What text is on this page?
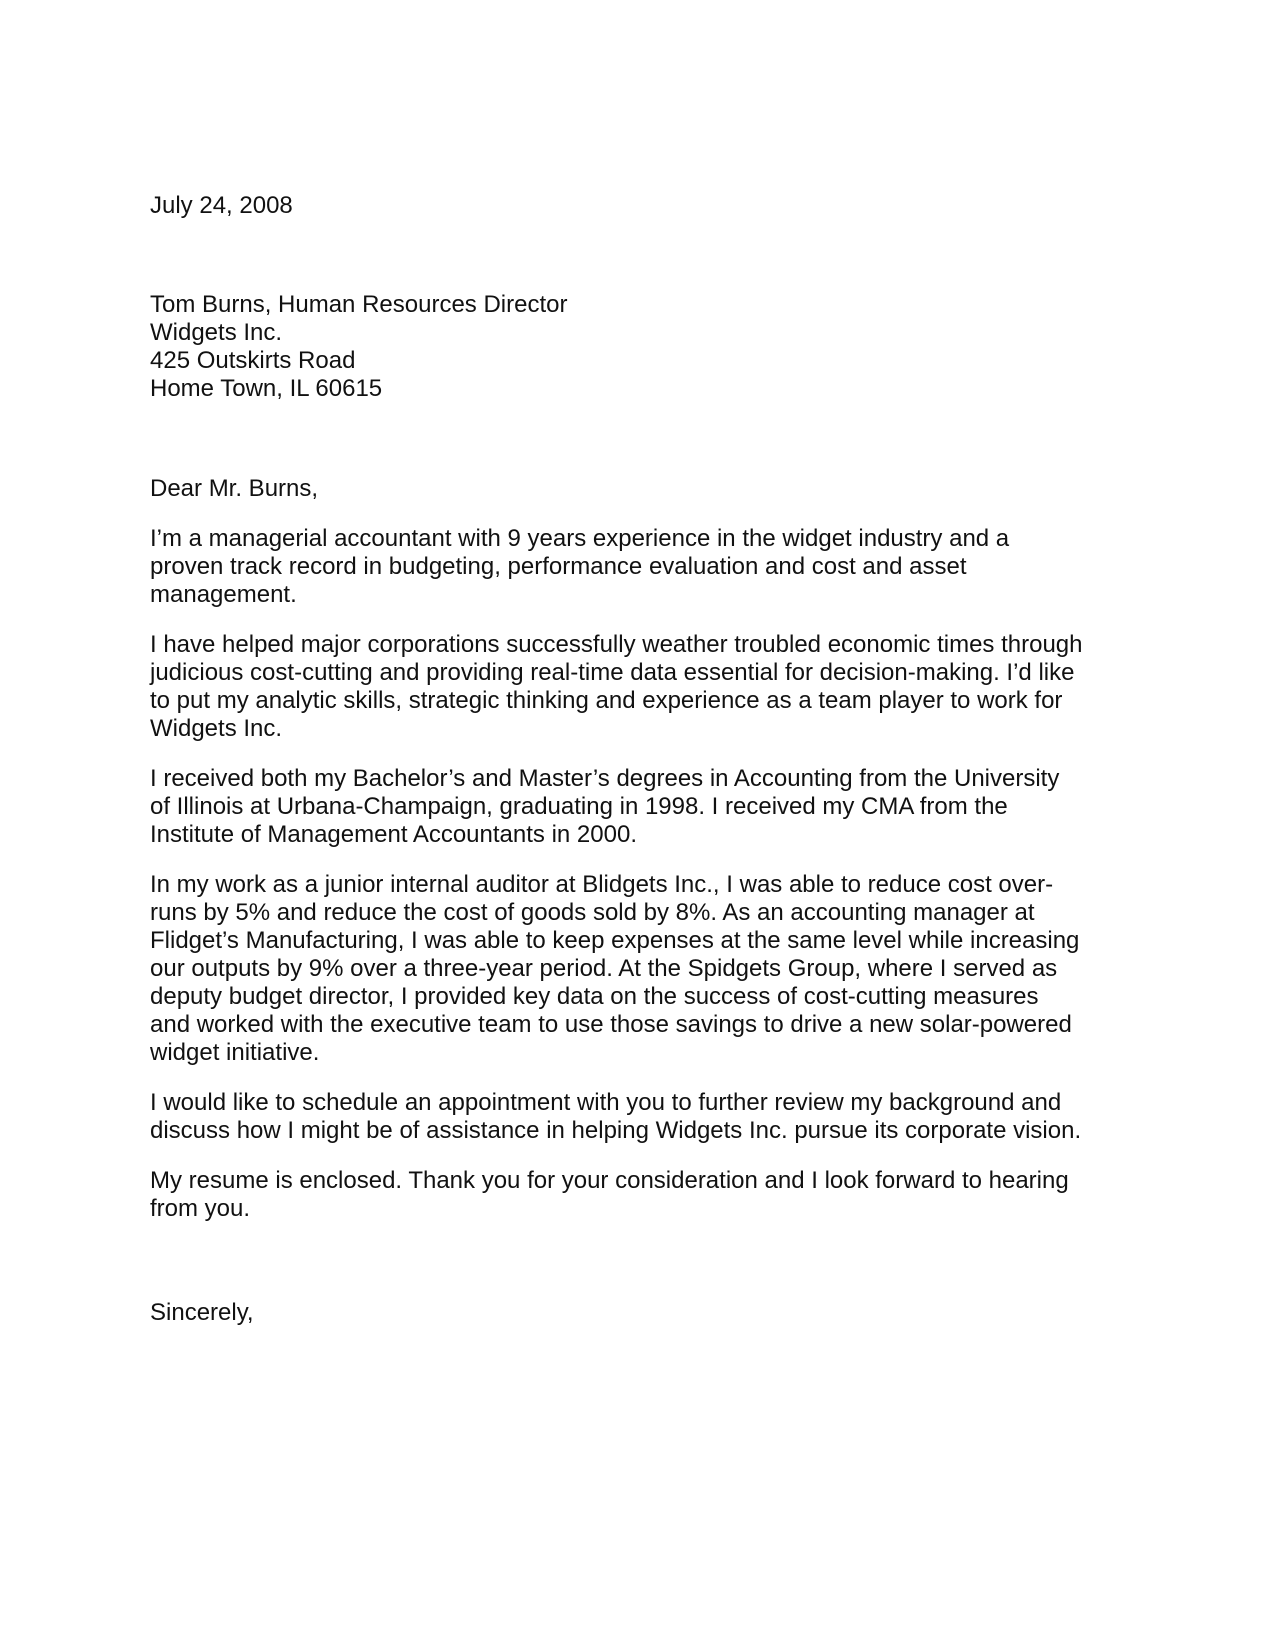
July 24, 2008

Tom Burns, Human Resources Director

Widgets Inc.

425 Outskirts Road

Home Town, IL 60615

Dear Mr. Burns,

I’m a managerial accountant with 9 years experience in the widget industry and a
proven track record in budgeting, performance evaluation and cost and asset
management.
I have helped major corporations successfully weather troubled economic times through
judicious cost-cutting and providing real-time data essential for decision-making. I’d like
to put my analytic skills, strategic thinking and experience as a team player to work for
Widgets Inc.
I received both my Bachelor’s and Master’s degrees in Accounting from the University
of Illinois at Urbana-Champaign, graduating in 1998. I received my CMA from the
Institute of Management Accountants in 2000.
In my work as a junior internal auditor at Blidgets Inc., I was able to reduce cost over-
runs by 5% and reduce the cost of goods sold by 8%. As an accounting manager at
Flidget’s Manufacturing, I was able to keep expenses at the same level while increasing
our outputs by 9% over a three-year period. At the Spidgets Group, where I served as
deputy budget director, I provided key data on the success of cost-cutting measures
and worked with the executive team to use those savings to drive a new solar-powered
widget initiative.
I would like to schedule an appointment with you to further review my background and
discuss how I might be of assistance in helping Widgets Inc. pursue its corporate vision.
My resume is enclosed. Thank you for your consideration and I look forward to hearing
from you.

Sincerely,
